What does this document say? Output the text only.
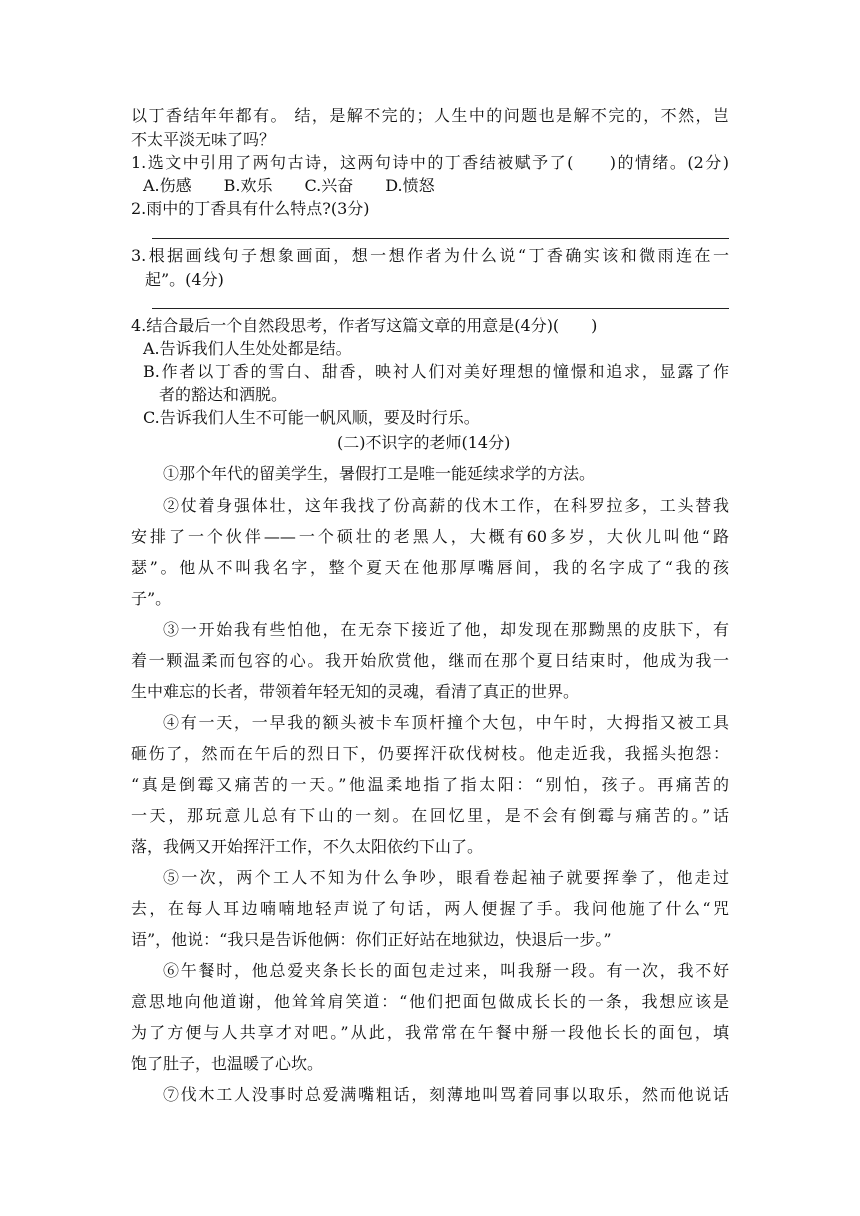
以丁香结年年都有。 结，是解不完的；人生中的问题也是解不完的，不然，岂
不太平淡无味了吗？
1.选文中引用了两句古诗，这两句诗中的丁香结被赋予了(　　)的情绪。(2分)
A.伤感　　B.欢乐　　C.兴奋　　D.愤怒
2.雨中的丁香具有什么特点?(3分)
3.根据画线句子想象画面，想一想作者为什么说“丁香确实该和微雨连在一
起”。(4分)
4.结合最后一个自然段思考，作者写这篇文章的用意是(4分)(　　)
A.告诉我们人生处处都是结。
B.作者以丁香的雪白、甜香，映衬人们对美好理想的憧憬和追求，显露了作
者的豁达和洒脱。
C.告诉我们人生不可能一帆风顺，要及时行乐。
(二)不识字的老师(14分)
①那个年代的留美学生，暑假打工是唯一能延续求学的方法。
②仗着身强体壮，这年我找了份高薪的伐木工作，在科罗拉多，工头替我
安排了一个伙伴——一个硕壮的老黑人，大概有60多岁，大伙儿叫他“路
瑟”。他从不叫我名字，整个夏天在他那厚嘴唇间，我的名字成了“我的孩
子”。
③一开始我有些怕他，在无奈下接近了他，却发现在那黝黑的皮肤下，有
着一颗温柔而包容的心。我开始欣赏他，继而在那个夏日结束时，他成为我一
生中难忘的长者，带领着年轻无知的灵魂，看清了真正的世界。
④有一天，一早我的额头被卡车顶杆撞个大包，中午时，大拇指又被工具
砸伤了，然而在午后的烈日下，仍要挥汗砍伐树枝。他走近我，我摇头抱怨：
“真是倒霉又痛苦的一天。”他温柔地指了指太阳：“别怕，孩子。再痛苦的
一天，那玩意儿总有下山的一刻。在回忆里，是不会有倒霉与痛苦的。”话
落，我俩又开始挥汗工作，不久太阳依约下山了。
⑤一次，两个工人不知为什么争吵，眼看卷起袖子就要挥拳了，他走过
去，在每人耳边喃喃地轻声说了句话，两人便握了手。我问他施了什么“咒
语”，他说：“我只是告诉他俩：你们正好站在地狱边，快退后一步。”
⑥午餐时，他总爱夹条长长的面包走过来，叫我掰一段。有一次，我不好
意思地向他道谢，他耸耸肩笑道：“他们把面包做成长长的一条，我想应该是
为了方便与人共享才对吧。”从此，我常常在午餐中掰一段他长长的面包，填
饱了肚子，也温暖了心坎。
⑦伐木工人没事时总爱满嘴粗话，刻薄地叫骂着同事以取乐，然而他说话
